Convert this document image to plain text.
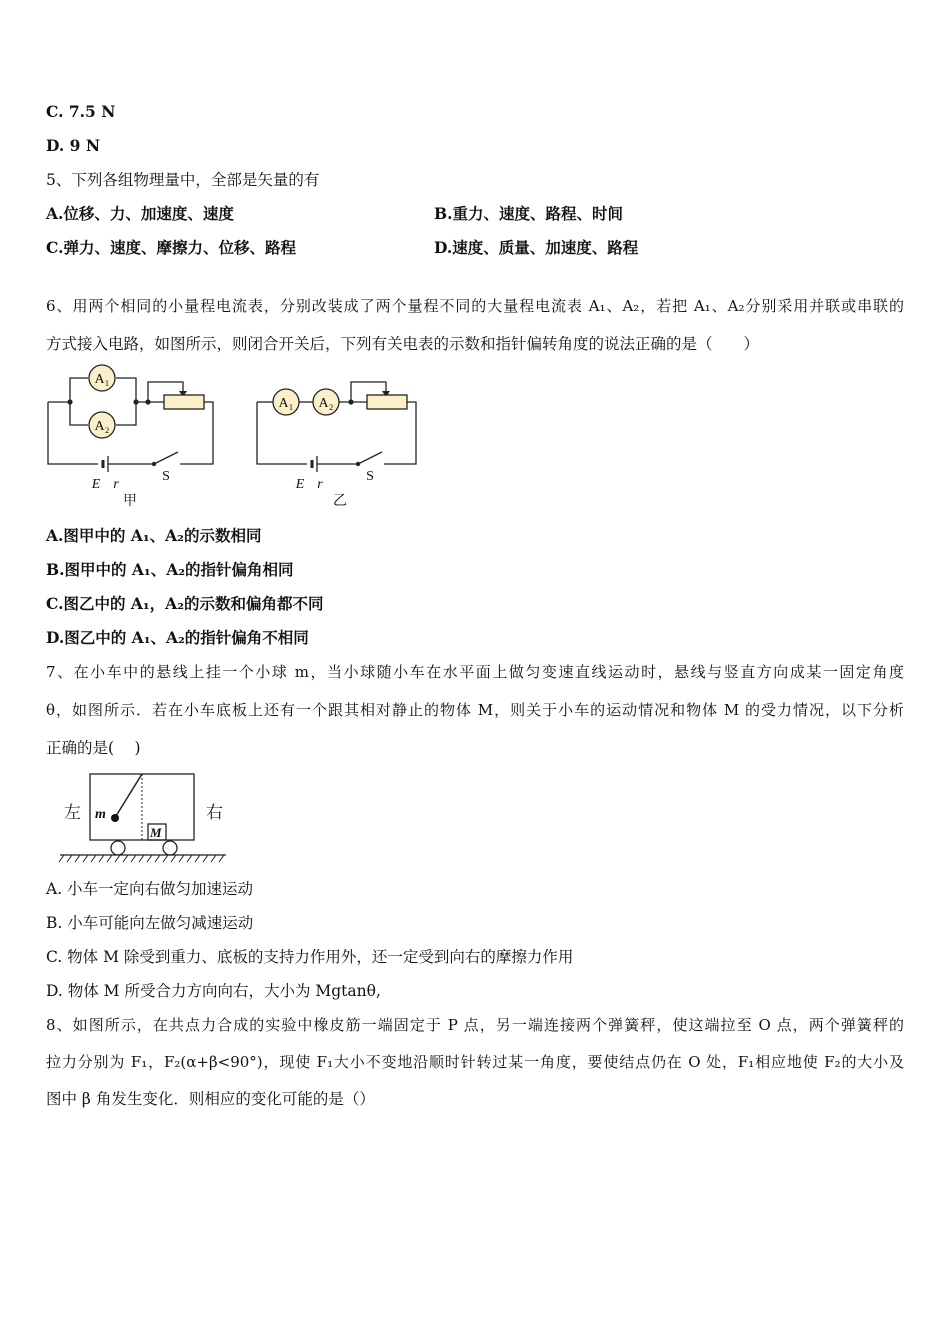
C. 7.5 N
D. 9 N
5、下列各组物理量中，全部是矢量的有
A.位移、力、加速度、速度	B.重力、速度、路程、时间
C.弹力、速度、摩擦力、位移、路程	D.速度、质量、加速度、路程
6、用两个相同的小量程电流表，分别改装成了两个量程不同的大量程电流表 A₁、A₂，若把 A₁、A₂分别采用并联或串联的
方式接入电路，如图所示，则闭合开关后，下列有关电表的示数和指针偏转角度的说法正确的是（　　）
A₁
A₂
A₁ A₂
E r
S
甲
E r
S
乙
A.图甲中的 A₁、A₂的示数相同
B.图甲中的 A₁、A₂的指针偏角相同
C.图乙中的 A₁，A₂的示数和偏角都不同
D.图乙中的 A₁、A₂的指针偏角不相同
7、在小车中的悬线上挂一个小球 m，当小球随小车在水平面上做匀变速直线运动时，悬线与竖直方向成某一固定角度
θ，如图所示．若在小车底板上还有一个跟其相对静止的物体 M，则关于小车的运动情况和物体 M 的受力情况，以下分析
正确的是(　 )
左	右
m
M
A. 小车一定向右做匀加速运动
B. 小车可能向左做匀减速运动
C. 物体 M 除受到重力、底板的支持力作用外，还一定受到向右的摩擦力作用
D. 物体 M 所受合力方向向右，大小为 Mgtanθ,
8、如图所示，在共点力合成的实验中橡皮筋一端固定于 P 点，另一端连接两个弹簧秤，使这端拉至 O 点，两个弹簧秤的
拉力分别为 F₁，F₂(α+β<90°)，现使 F₁大小不变地沿顺时针转过某一角度，要使结点仍在 O 处，F₁相应地使 F₂的大小及
图中 β 角发生变化．则相应的变化可能的是（）
